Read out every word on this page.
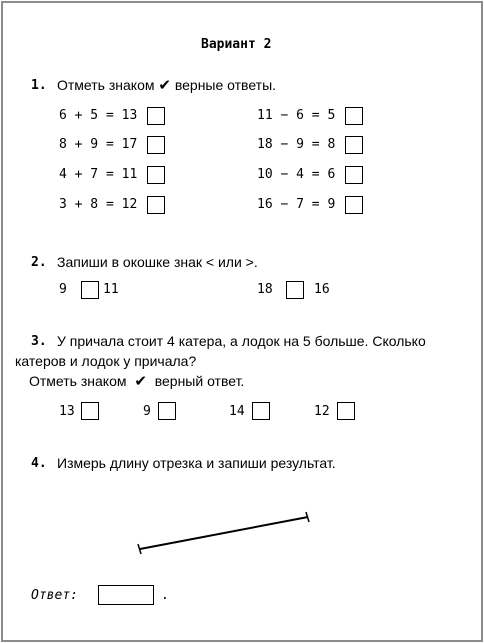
Вариант 2
1. Отметь знаком ✔ верные ответы.
6 + 5 = 13
8 + 9 = 17
4 + 7 = 11
3 + 8 = 12
11 − 6 = 5
18 − 9 = 8
10 − 4 = 6
16 − 7 = 9
2. Запиши в окошке знак < или >.
9	11	18	16
3. У причала стоит 4 катера, а лодок на 5 больше. Сколько
катеров и лодок у причала?
Отметь знаком ✔ верный ответ.
13	9	14	12
4. Измерь длину отрезка и запиши результат.
Ответ:	.
